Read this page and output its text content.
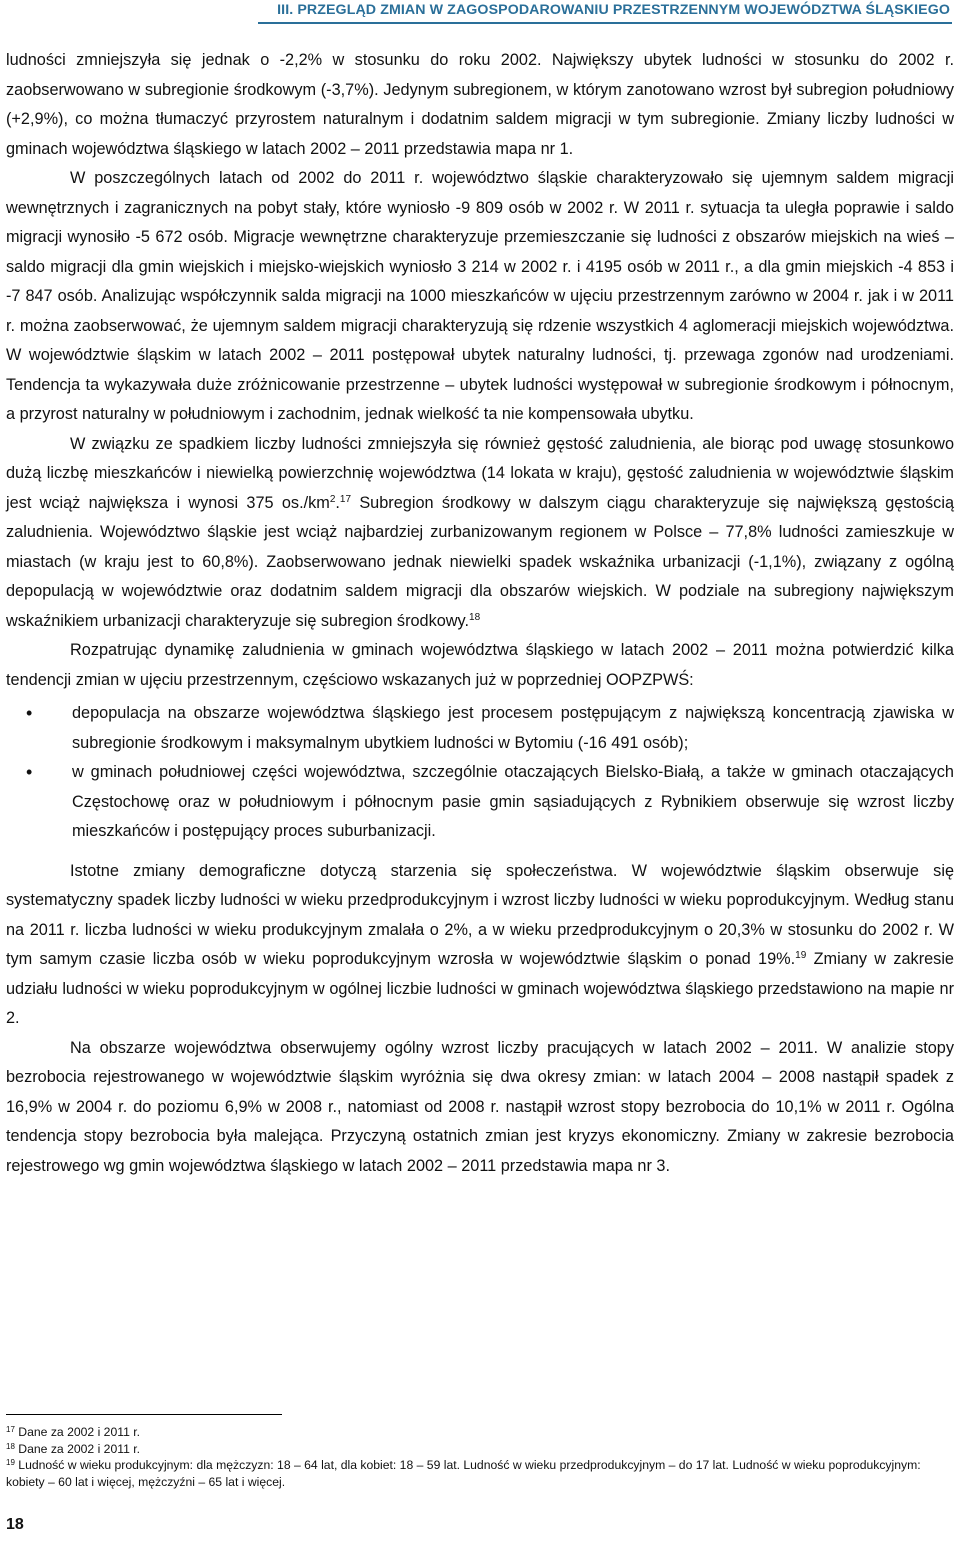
III. PRZEGLĄD ZMIAN W ZAGOSPODAROWANIU PRZESTRZENNYM WOJEWÓDZTWA ŚLĄSKIEGO

ludności zmniejszyła się jednak o -2,2% w stosunku do roku 2002. Największy ubytek ludności w stosunku do 2002 r. zaobserwowano w subregionie środkowym (-3,7%). Jedynym subregionem, w którym zanotowano wzrost był subregion południowy (+2,9%), co można tłumaczyć przyrostem naturalnym i dodatnim saldem migracji w tym subregionie. Zmiany liczby ludności w gminach województwa śląskiego w latach 2002 – 2011 przedstawia mapa nr 1.

W poszczególnych latach od 2002 do 2011 r. województwo śląskie charakteryzowało się ujemnym saldem migracji wewnętrznych i zagranicznych na pobyt stały, które wyniosło -9 809 osób w 2002 r. W 2011 r. sytuacja ta uległa poprawie i saldo migracji wynosiło -5 672 osób. Migracje wewnętrzne charakteryzuje przemieszczanie się ludności z obszarów miejskich na wieś – saldo migracji dla gmin wiejskich i miejsko-wiejskich wyniosło 3 214 w 2002 r. i 4195 osób w 2011 r., a dla gmin miejskich -4 853 i -7 847 osób. Analizując współczynnik salda migracji na 1000 mieszkańców w ujęciu przestrzennym zarówno w 2004 r. jak i w 2011 r. można zaobserwować, że ujemnym saldem migracji charakteryzują się rdzenie wszystkich 4 aglomeracji miejskich województwa. W województwie śląskim w latach 2002 – 2011 postępował ubytek naturalny ludności, tj. przewaga zgonów nad urodzeniami. Tendencja ta wykazywała duże zróżnicowanie przestrzenne – ubytek ludności występował w subregionie środkowym i północnym, a przyrost naturalny w południowym i zachodnim, jednak wielkość ta nie kompensowała ubytku.

W związku ze spadkiem liczby ludności zmniejszyła się również gęstość zaludnienia, ale biorąc pod uwagę stosunkowo dużą liczbę mieszkańców i niewielką powierzchnię województwa (14 lokata w kraju), gęstość zaludnienia w województwie śląskim jest wciąż największa i wynosi 375 $os./km^2.^{17}$ Subregion środkowy w dalszym ciągu charakteryzuje się największą gęstością zaludnienia. Województwo śląskie jest wciąż najbardziej zurbanizowanym regionem w Polsce – 77,8% ludności zamieszkuje w miastach (w kraju jest to 60,8%). Zaobserwowano jednak niewielki spadek wskaźnika urbanizacji (-1,1%), związany z ogólną depopulacją w województwie oraz dodatnim saldem migracji dla obszarów wiejskich. W podziale na subregiony największym wskaźnikiem urbanizacji charakteryzuje się subregion środkowy.$^{18}$

Rozpatrując dynamikę zaludnienia w gminach województwa śląskiego w latach 2002 – 2011 można potwierdzić kilka tendencji zmian w ujęciu przestrzennym, częściowo wskazanych już w poprzedniej OOPZPWŚ:

• depopulacja na obszarze województwa śląskiego jest procesem postępującym z największą koncentracją zjawiska w subregionie środkowym i maksymalnym ubytkiem ludności w Bytomiu (-16 491 osób);
• w gminach południowej części województwa, szczególnie otaczających Bielsko-Białą, a także w gminach otaczających Częstochowę oraz w południowym i północnym pasie gmin sąsiadujących z Rybnikiem obserwuje się wzrost liczby mieszkańców i postępujący proces suburbanizacji.

Istotne zmiany demograficzne dotyczą starzenia się społeczeństwa. W województwie śląskim obserwuje się systematyczny spadek liczby ludności w wieku przedprodukcyjnym i wzrost liczby ludności w wieku poprodukcyjnym. Według stanu na 2011 r. liczba ludności w wieku produkcyjnym zmalała o 2%, a w wieku przedprodukcyjnym o 20,3% w stosunku do 2002 r. W tym samym czasie liczba osób w wieku poprodukcyjnym wzrosła w województwie śląskim o ponad 19%.$^{19}$ Zmiany w zakresie udziału ludności w wieku poprodukcyjnym w ogólnej liczbie ludności w gminach województwa śląskiego przedstawiono na mapie nr 2.

Na obszarze województwa obserwujemy ogólny wzrost liczby pracujących w latach 2002 – 2011. W analizie stopy bezrobocia rejestrowanego w województwie śląskim wyróżnia się dwa okresy zmian: w latach 2004 – 2008 nastąpił spadek z 16,9% w 2004 r. do poziomu 6,9% w 2008 r., natomiast od 2008 r. nastąpił wzrost stopy bezrobocia do 10,1% w 2011 r. Ogólna tendencja stopy bezrobocia była malejąca. Przyczyną ostatnich zmian jest kryzys ekonomiczny. Zmiany w zakresie bezrobocia rejestrowego wg gmin województwa śląskiego w latach 2002 – 2011 przedstawia mapa nr 3.

$^{17}$ Dane za 2002 i 2011 r.
$^{18}$ Dane za 2002 i 2011 r.
$^{19}$ Ludność w wieku produkcyjnym: dla mężczyzn: 18 – 64 lat, dla kobiet: 18 – 59 lat. Ludność w wieku przedprodukcyjnym – do 17 lat. Ludność w wieku poprodukcyjnym: kobiety – 60 lat i więcej, mężczyźni – 65 lat i więcej.
18
